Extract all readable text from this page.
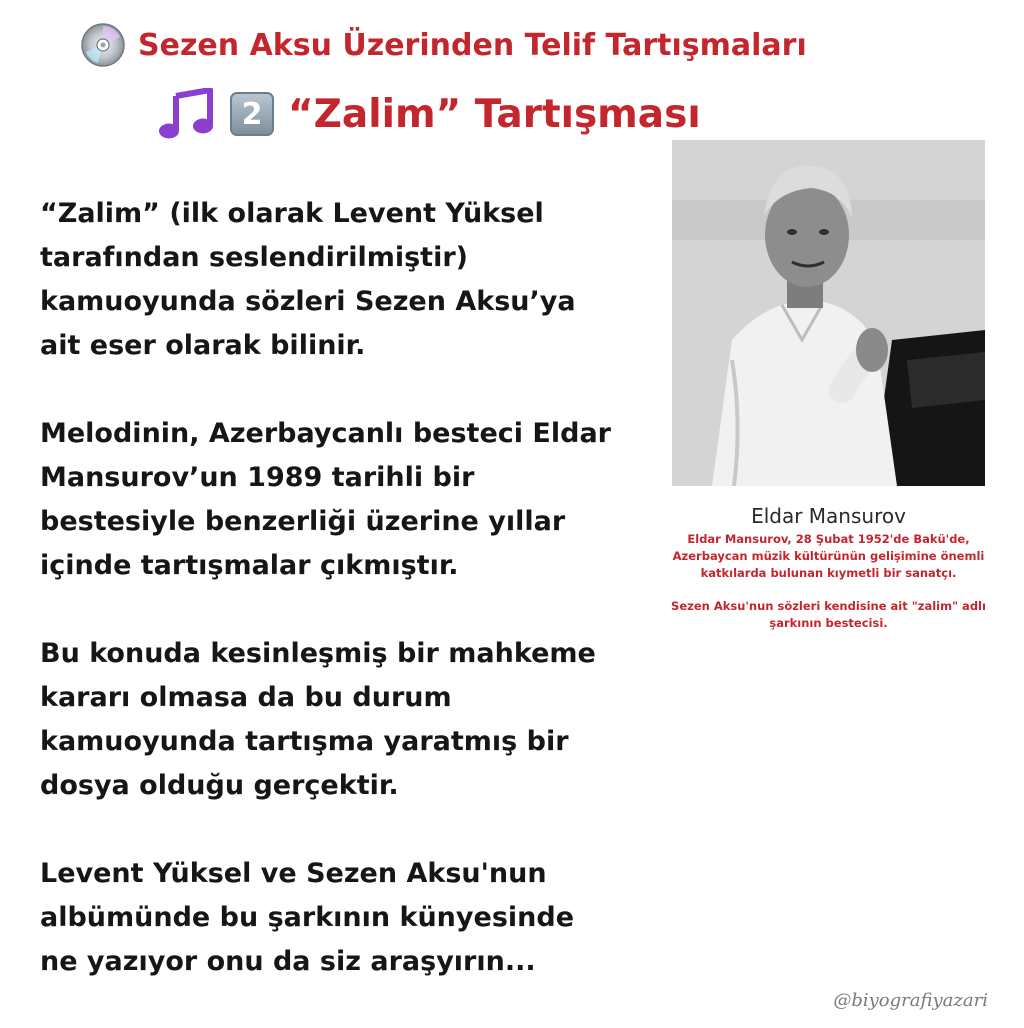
Sezen Aksu Üzerinden Telif Tartışmaları
2 “Zalim” Tartışması

“Zalim” (ilk olarak Levent Yüksel
tarafından seslendirilmiştir)
kamuoyunda sözleri Sezen Aksu’ya
ait eser olarak bilinir.

Melodinin, Azerbaycanlı besteci Eldar
Mansurov’un 1989 tarihli bir
bestesiyle benzerliği üzerine yıllar
içinde tartışmalar çıkmıştır.

Bu konuda kesinleşmiş bir mahkeme
kararı olmasa da bu durum
kamuoyunda tartışma yaratmış bir
dosya olduğu gerçektir.

Levent Yüksel ve Sezen Aksu'nun
albümünde bu şarkının künyesinde
ne yazıyor onu da siz araşyırın...

Eldar Mansurov

Eldar Mansurov, 28 Şubat 1952'de Bakü'de,
Azerbaycan müzik kültürünün gelişimine önemli
katkılarda bulunan kıymetli bir sanatçı.

Sezen Aksu'nun sözleri kendisine ait "zalim" adlı
şarkının bestecisi.

@biyografiyazari
